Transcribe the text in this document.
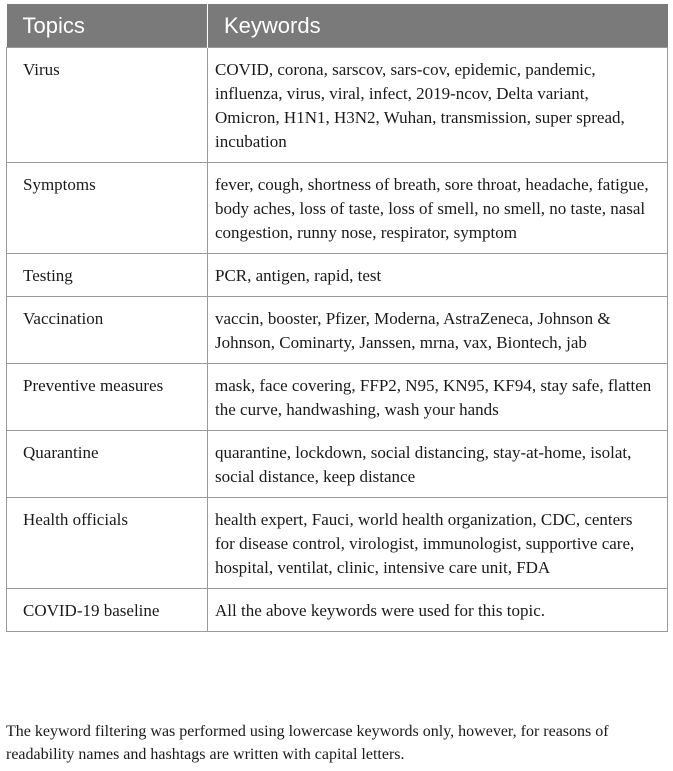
Topics	Keywords
Virus	COVID, corona, sarscov, sars-cov, epidemic, pandemic, influenza, virus, viral, infect, 2019-ncov, Delta variant, Omicron, H1N1, H3N2, Wuhan, transmission, super spread, incubation
Symptoms	fever, cough, shortness of breath, sore throat, headache, fatigue, body aches, loss of taste, loss of smell, no smell, no taste, nasal congestion, runny nose, respirator, symptom
Testing	PCR, antigen, rapid, test
Vaccination	vaccin, booster, Pfizer, Moderna, AstraZeneca, Johnson & Johnson, Cominarty, Janssen, mrna, vax, Biontech, jab
Preventive measures	mask, face covering, FFP2, N95, KN95, KF94, stay safe, flatten the curve, handwashing, wash your hands
Quarantine	quarantine, lockdown, social distancing, stay-at-home, isolat, social distance, keep distance
Health officials	health expert, Fauci, world health organization, CDC, centers for disease control, virologist, immunologist, supportive care, hospital, ventilat, clinic, intensive care unit, FDA
COVID-19 baseline	All the above keywords were used for this topic.
The keyword filtering was performed using lowercase keywords only, however, for reasons of readability names and hashtags are written with capital letters.
